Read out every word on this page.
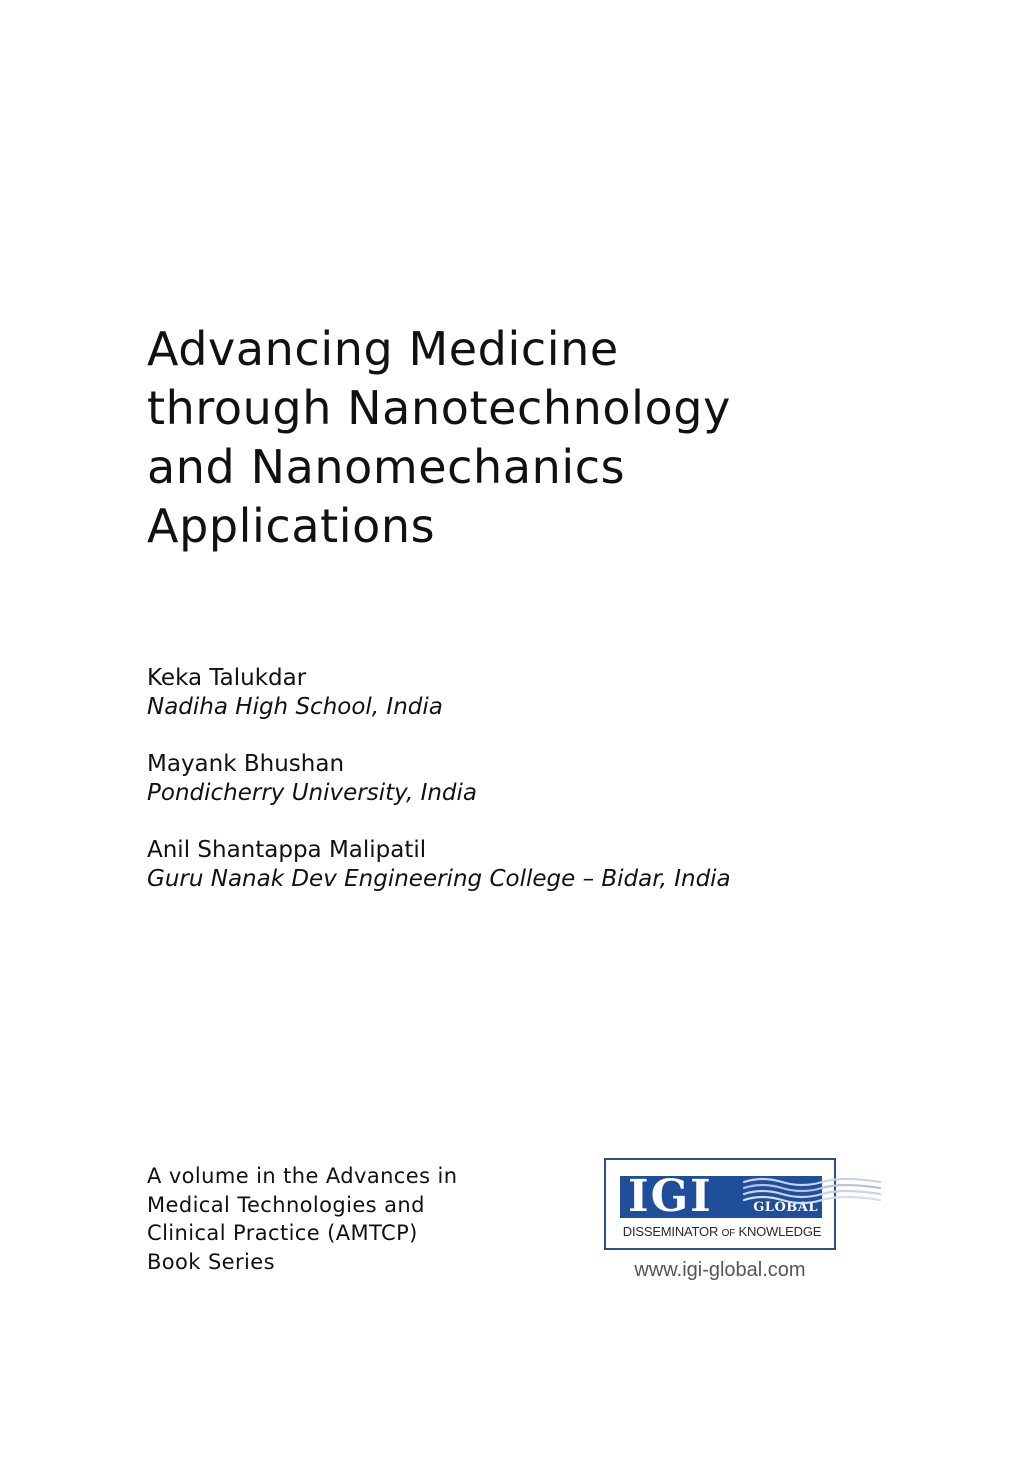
Advancing Medicine
through Nanotechnology
and Nanomechanics
Applications
Keka Talukdar
Nadiha High School, India
Mayank Bhushan
Pondicherry University, India
Anil Shantappa Malipatil
Guru Nanak Dev Engineering College – Bidar, India
A volume in the Advances in
Medical Technologies and
Clinical Practice (AMTCP)
Book Series
IGI	GLOBAL
DISSEMINATOR OF KNOWLEDGE
www.igi-global.com
